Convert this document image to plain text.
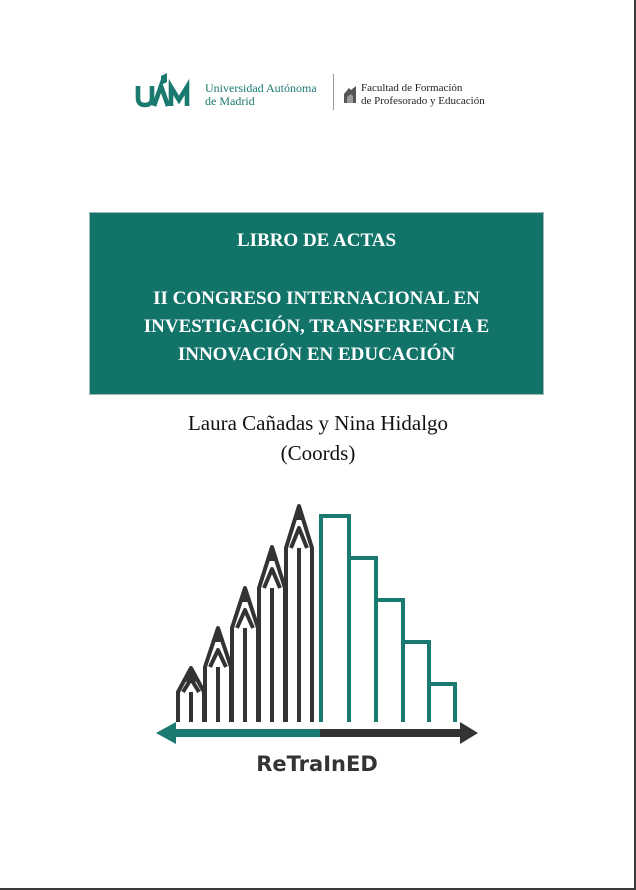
Universidad Autónoma
de Madrid
Facultad de Formación
de Profesorado y Educación
LIBRO DE ACTAS
II CONGRESO INTERNACIONAL EN
INVESTIGACIÓN, TRANSFERENCIA E
INNOVACIÓN EN EDUCACIÓN
Laura Cañadas y Nina Hidalgo
(Coords)
ReTraInED
